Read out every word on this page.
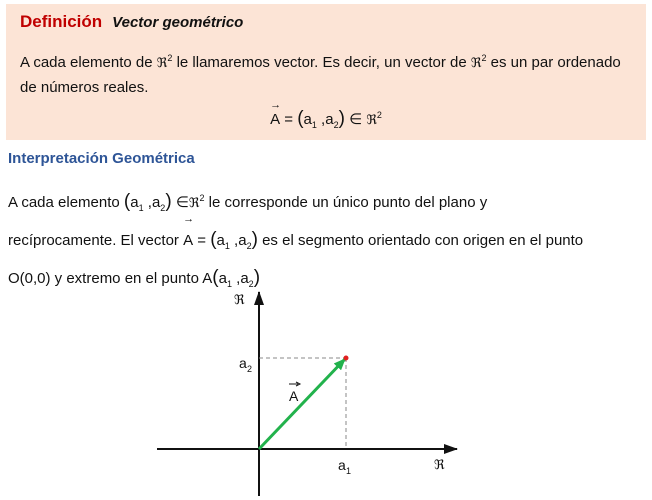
Definición Vector geométrico
A cada elemento de ℜ$^2$ le llamaremos vector. Es decir, un vector de ℜ$^2$ es un par ordenado de números reales.
→ $A = (a_1$ $,a_2$) ∈ ℜ$^2$
Interpretación Geométrica
A cada elemento ($a_1$ $,a_2$) ∈ℜ$^2$ le corresponde un único punto del plano y
recíprocamente. El vector → $A = (a_1$ $,a_2$) es el segmento orientado con origen en el punto
O(0,0) y extremo en el punto $A(a_1$ $,a_2$)
ℜ
ℜ
a 2
a 1
A
